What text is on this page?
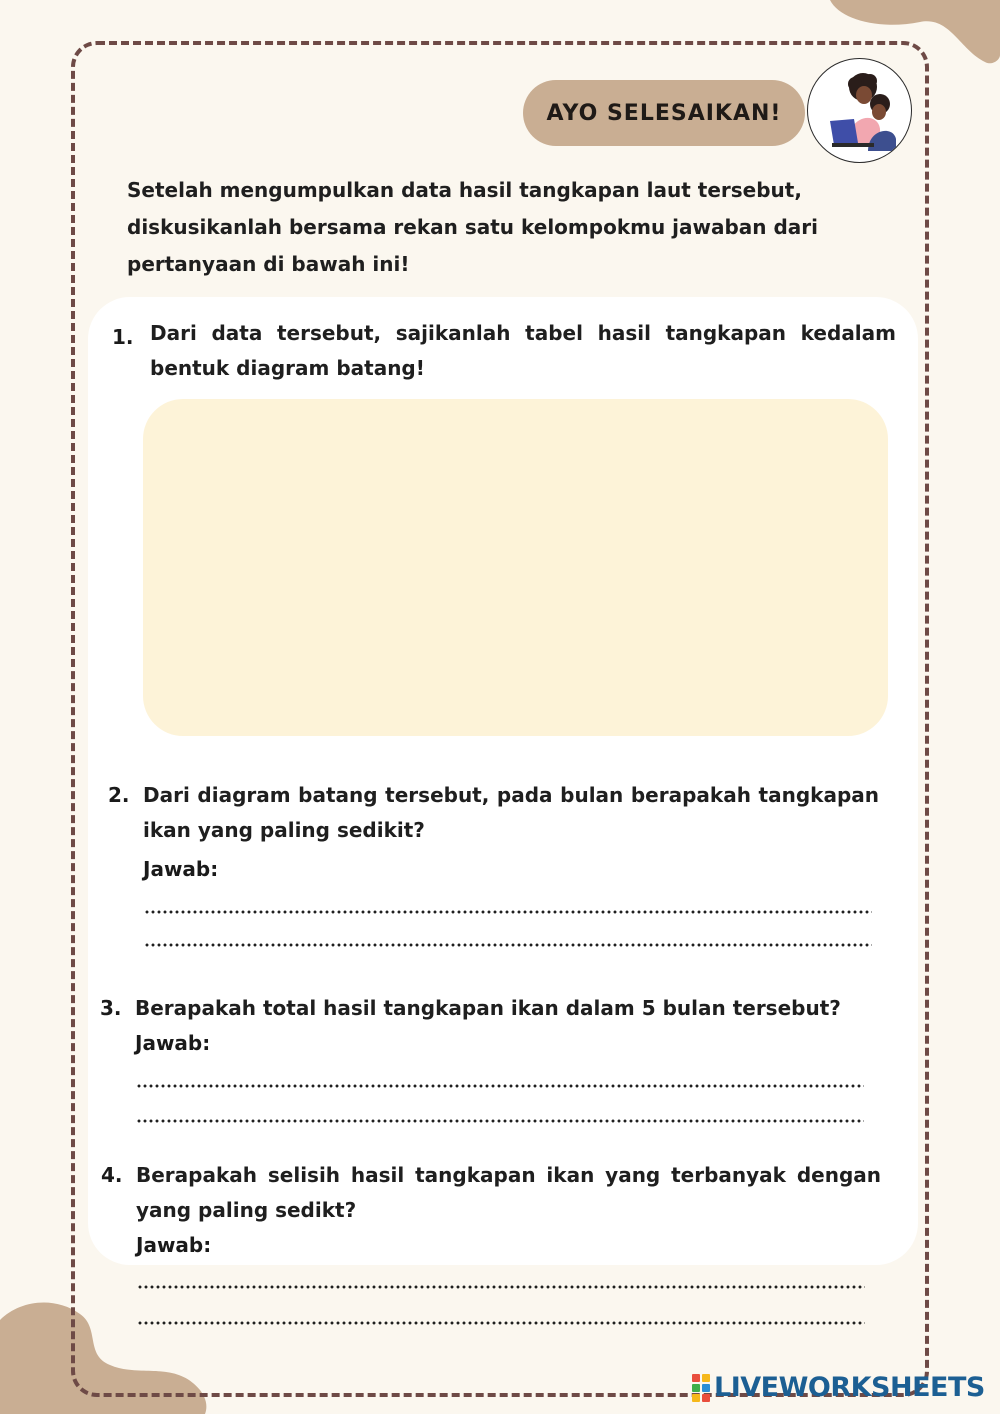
AYO SELESAIKAN!
Setelah mengumpulkan data hasil tangkapan laut tersebut, diskusikanlah bersama rekan satu kelompokmu jawaban dari pertanyaan di bawah ini!
1. Dari data tersebut, sajikanlah tabel hasil tangkapan kedalam bentuk diagram batang!
2. Dari diagram batang tersebut, pada bulan berapakah tangkapan ikan yang paling sedikit?
Jawab:
3. Berapakah total hasil tangkapan ikan dalam 5 bulan tersebut?
Jawab:
4. Berapakah selisih hasil tangkapan ikan yang terbanyak dengan yang paling sedikt?
Jawab:
LIVEWORKSHEETS
